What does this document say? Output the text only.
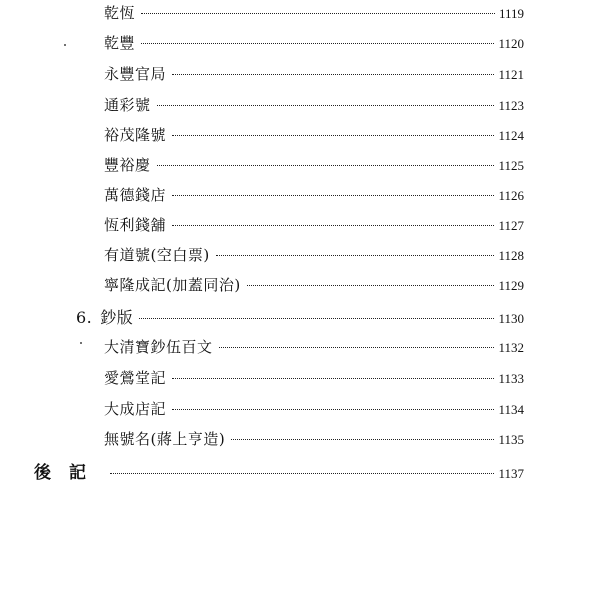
乾恆	1119
乾豐	1120
永豐官局	1121
通彩號	1123
裕茂隆號	1124
豐裕慶	1125
萬德錢店	1126
恆利錢舖	1127
有道號(空白票)	1128
寧隆成記(加蓋同治)	1129
6. 鈔版	1130
大清寶鈔伍百文	1132
愛鶯堂記	1133
大成店記	1134
無號名(蔣上亨造)	1135
後記	1137
